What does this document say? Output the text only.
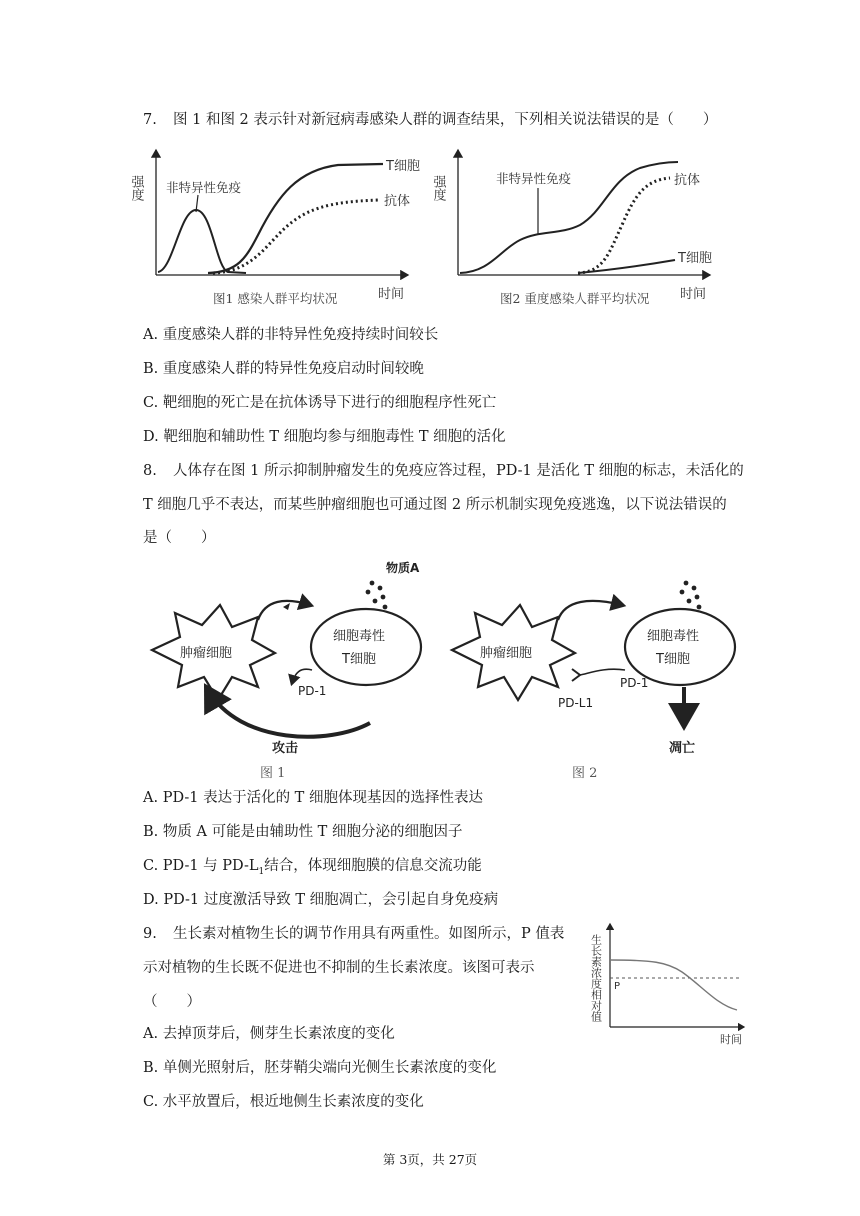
7. 图 1 和图 2 表示针对新冠病毒感染人群的调查结果，下列相关说法错误的是（　　）
强度
时间
非特异性免疫
T细胞
抗体
图1 感染人群平均状况
强度
时间
非特异性免疫	抗体
T细胞
图2 重度感染人群平均状况
A. 重度感染人群的非特异性免疫持续时间较长
B. 重度感染人群的特异性免疫启动时间较晚
C. 靶细胞的死亡是在抗体诱导下进行的细胞程序性死亡
D. 靶细胞和辅助性 T 细胞均参与细胞毒性 T 细胞的活化
8. 人体存在图 1 所示抑制肿瘤发生的免疫应答过程，PD-1 是活化 T 细胞的标志，未活化的
T 细胞几乎不表达，而某些肿瘤细胞也可通过图 2 所示机制实现免疫逃逸，以下说法错误的
是（　　）
物质A
肿瘤细胞
细胞毒性
T细胞
PD-1
攻击
图 1
肿瘤细胞
细胞毒性
T细胞
PD-1
PD-L1
凋亡
图 2
A. PD-1 表达于活化的 T 细胞体现基因的选择性表达
B. 物质 A 可能是由辅助性 T 细胞分泌的细胞因子
C. PD-1 与 $PD-L_1$结合，体现细胞膜的信息交流功能
D. PD-1 过度激活导致 T 细胞凋亡，会引起自身免疫病
9. 生长素对植物生长的调节作用具有两重性。如图所示，P 值表
示对植物的生长既不促进也不抑制的生长素浓度。该图可表示
（　　）	生长素浓度相对值 P
时间
A. 去掉顶芽后，侧芽生长素浓度的变化
B. 单侧光照射后，胚芽鞘尖端向光侧生长素浓度的变化
C. 水平放置后，根近地侧生长素浓度的变化
第 3页，共 27页
